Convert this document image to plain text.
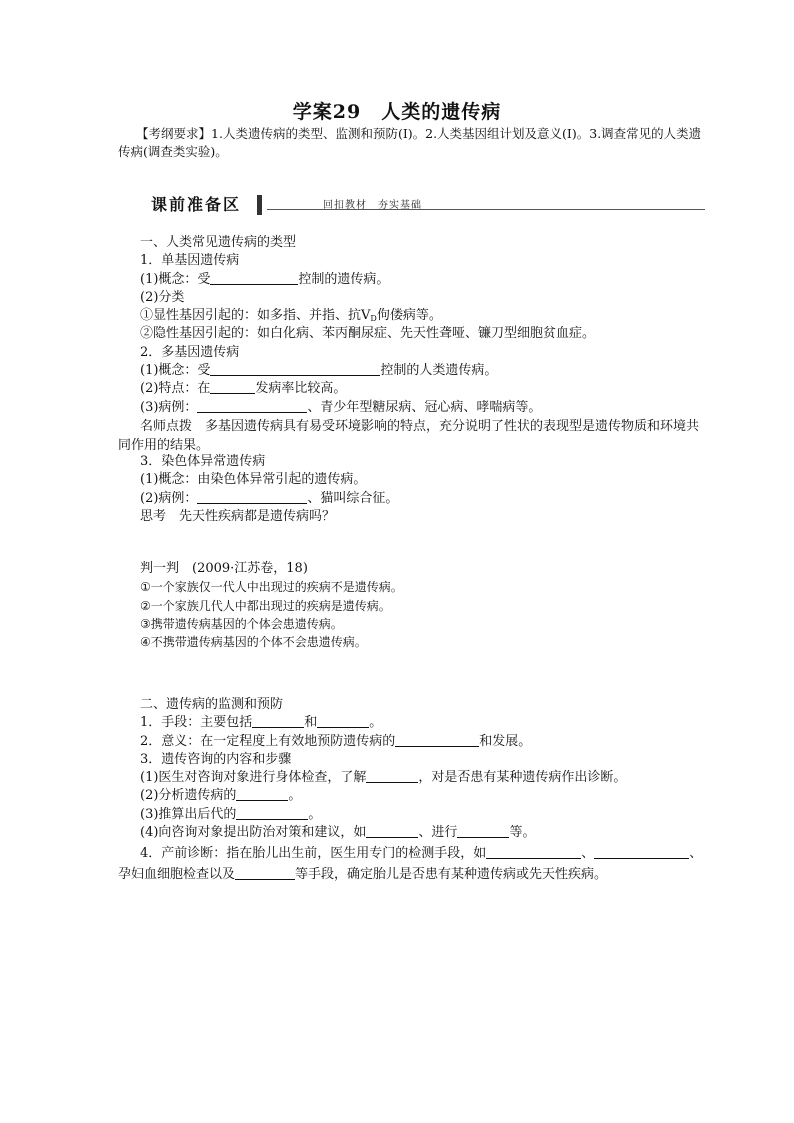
学案29　人类的遗传病
【考纲要求】1.人类遗传病的类型、监测和预防(Ⅰ)。2.人类基因组计划及意义(Ⅰ)。3.调查常见的人类遗传病(调查类实验)。
课前准备区	回扣教材　夯实基础
一、人类常见遗传病的类型
1．单基因遗传病
(1)概念：受	控制的遗传病。
(2)分类
①显性基因引起的：如多指、并指、抗VD佝偻病等。
②隐性基因引起的：如白化病、苯丙酮尿症、先天性聋哑、镰刀型细胞贫血症。
2．多基因遗传病
(1)概念：受	控制的人类遗传病。
(2)特点：在	发病率比较高。
(3)病例：	、青少年型糖尿病、冠心病、哮喘病等。
名师点拨　多基因遗传病具有易受环境影响的特点，充分说明了性状的表现型是遗传物质和环境共同作用的结果。
3．染色体异常遗传病
(1)概念：由染色体异常引起的遗传病。
(2)病例：	、猫叫综合征。
思考　先天性疾病都是遗传病吗？
判一判　(2009·江苏卷，18)
①一个家族仅一代人中出现过的疾病不是遗传病。
②一个家族几代人中都出现过的疾病是遗传病。
③携带遗传病基因的个体会患遗传病。
④不携带遗传病基因的个体不会患遗传病。
二、遗传病的监测和预防
1．手段：主要包括	和	。
2．意义：在一定程度上有效地预防遗传病的	和发展。
3．遗传咨询的内容和步骤
(1)医生对咨询对象进行身体检查，了解	，对是否患有某种遗传病作出诊断。
(2)分析遗传病的	。
(3)推算出后代的	。
(4)向咨询对象提出防治对策和建议，如	、进行	等。
4．产前诊断：指在胎儿出生前，医生用专门的检测手段，如	、	、孕妇血细胞检查以及	等手段，确定胎儿是否患有某种遗传病或先天性疾病。
